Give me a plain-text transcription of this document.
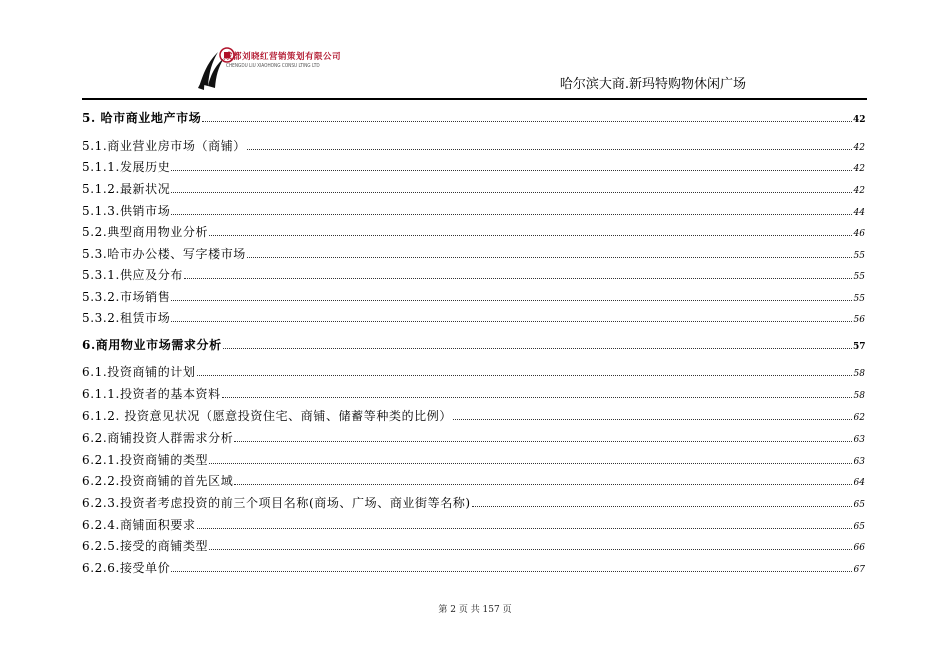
成都刘晓红营销策划有限公司
CHENGDU LIU XIAOHONG CONSU LTING LTD
哈尔滨大商.新玛特购物休闲广场
5. 哈市商业地产市场	42
5.1.商业营业房市场（商铺）	42
5.1.1.发展历史	42
5.1.2.最新状况	42
5.1.3.供销市场	44
5.2.典型商用物业分析	46
5.3.哈市办公楼、写字楼市场	55
5.3.1.供应及分布	55
5.3.2.市场销售	55
5.3.2.租赁市场	56
6.商用物业市场需求分析	57
6.1.投资商铺的计划	58
6.1.1.投资者的基本资料	58
6.1.2. 投资意见状况（愿意投资住宅、商铺、储蓄等种类的比例）	62
6.2.商铺投资人群需求分析	63
6.2.1.投资商铺的类型	63
6.2.2.投资商铺的首先区域	64
6.2.3.投资者考虑投资的前三个项目名称(商场、广场、商业街等名称)	65
6.2.4.商铺面积要求	65
6.2.5.接受的商铺类型	66
6.2.6.接受单价	67
第 2 页 共 157 页
